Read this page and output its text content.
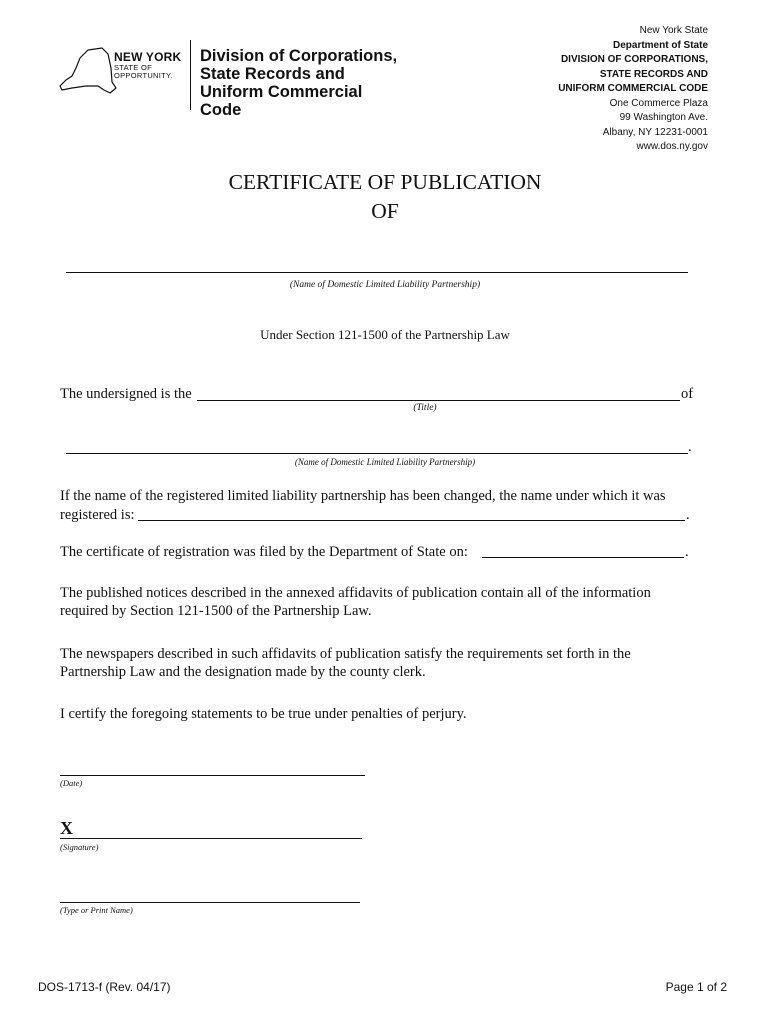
NEW YORK
STATE OF
OPPORTUNITY.
Division of Corporations,
State Records and
Uniform Commercial Code
New York State
Department of State
DIVISION OF CORPORATIONS,
STATE RECORDS AND
UNIFORM COMMERCIAL CODE
One Commerce Plaza
99 Washington Ave.
Albany, NY 12231-0001
www.dos.ny.gov
CERTIFICATE OF PUBLICATION
OF
(Name of Domestic Limited Liability Partnership)
Under Section 121-1500 of the Partnership Law
The undersigned is the	of
(Title)
.
(Name of Domestic Limited Liability Partnership)
If the name of the registered limited liability partnership has been changed, the name under which it was
registered is:	.
The certificate of registration was filed by the Department of State on:	.
The published notices described in the annexed affidavits of publication contain all of the information
required by Section 121-1500 of the Partnership Law.
The newspapers described in such affidavits of publication satisfy the requirements set forth in the
Partnership Law and the designation made by the county clerk.
I certify the foregoing statements to be true under penalties of perjury.
(Date)
X
(Signature)
(Type or Print Name)
DOS-1713-f (Rev. 04/17)	Page 1 of 2
